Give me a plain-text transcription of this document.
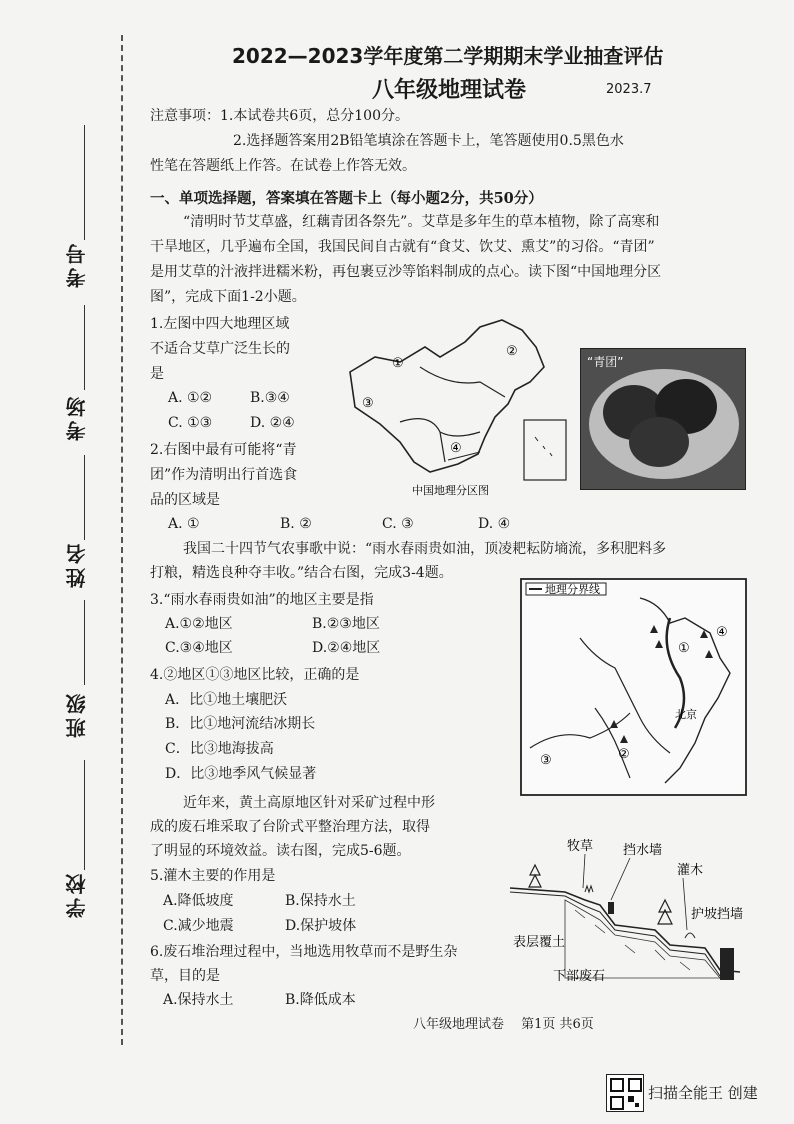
考号
考场
姓名
班级
学校
2022—2023学年度第二学期期末学业抽查评估
八年级地理试卷	2023.7
注意事项：1.本试卷共6页，总分100分。
2.选择题答案用2B铅笔填涂在答题卡上，笔答题使用0.5黑色水
性笔在答题纸上作答。在试卷上作答无效。
一、单项选择题，答案填在答题卡上（每小题2分，共50分）
“清明时节艾草盛，红藕青团各祭先”。艾草是多年生的草本植物，除了高寒和
干旱地区，几乎遍布全国，我国民间自古就有“食艾、饮艾、熏艾”的习俗。“青团”
是用艾草的汁液拌进糯米粉，再包裹豆沙等馅料制成的点心。读下图“中国地理分区
图”，完成下面1-2小题。
1.左图中四大地理区域
不适合艾草广泛生长的
是
A. ①②	B.③④
C. ①③	D. ②④
2.右图中最有可能将“青
团”作为清明出行首选食
品的区域是
A. ①	B. ②	C. ③	D. ④
①
②
③
④
中国地理分区图
“青团”
我国二十四节气农事歌中说：“雨水春雨贵如油，顶凌耙耘防墒流，多积肥料多
打粮，精选良种夺丰收。”结合右图，完成3-4题。
3.“雨水春雨贵如油”的地区主要是指
A.①②地区	B.②③地区
C.③④地区	D.②④地区
4.②地区①③地区比较，正确的是
A．比①地土壤肥沃
B．比①地河流结冰期长
C．比③地海拔高
D．比③地季风气候显著
地理分界线
北京
①
②
③
④
近年来，黄土高原地区针对采矿过程中形
成的废石堆采取了台阶式平整治理方法，取得
了明显的环境效益。读右图，完成5-6题。
5.灌木主要的作用是
A.降低坡度	B.保持水土
C.减少地震	D.保护坡体
6.废石堆治理过程中，当地选用牧草而不是野生杂
草，目的是
A.保持水土	B.降低成本
牧草 挡水墙
灌木
护坡挡墙
表层覆土
下部废石
八年级地理试卷　 第1页 共6页
扫描全能王 创建
